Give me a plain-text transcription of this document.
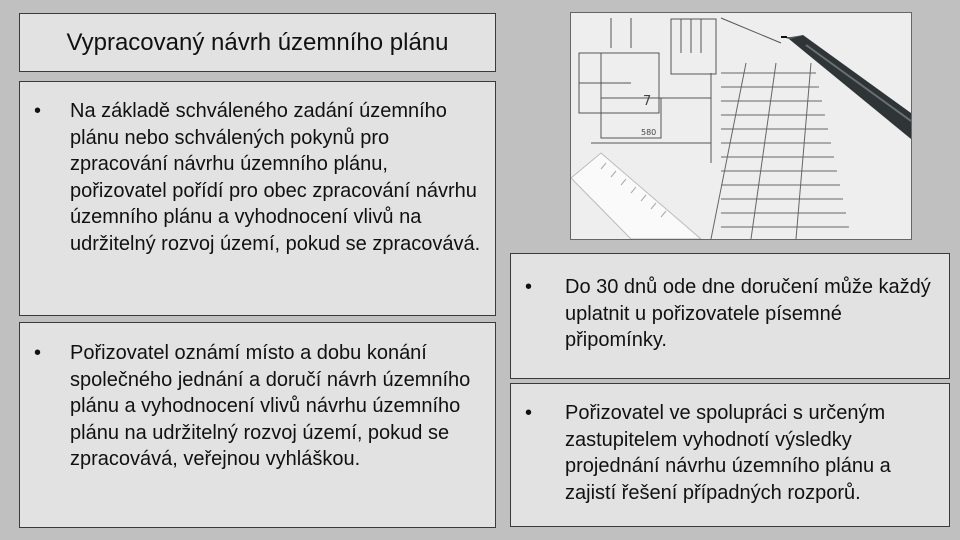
Vypracovaný návrh územního plánu
•	Na základě schváleného zadání územního plánu nebo schválených pokynů pro zpracování návrhu územního plánu, pořizovatel pořídí pro obec zpracování návrhu územního plánu a vyhodnocení vlivů na udržitelný rozvoj území, pokud se zpracovává.
•	Pořizovatel oznámí místo a dobu konání společného jednání a doručí návrh územního plánu a vyhodnocení vlivů návrhu územního plánu na udržitelný rozvoj území, pokud se zpracovává, veřejnou vyhláškou.
7
580
•	Do 30 dnů ode dne doručení může každý uplatnit u pořizovatele písemné připomínky.
•	Pořizovatel ve spolupráci s určeným zastupitelem vyhodnotí výsledky projednání návrhu územního plánu a zajistí řešení případných rozporů.
